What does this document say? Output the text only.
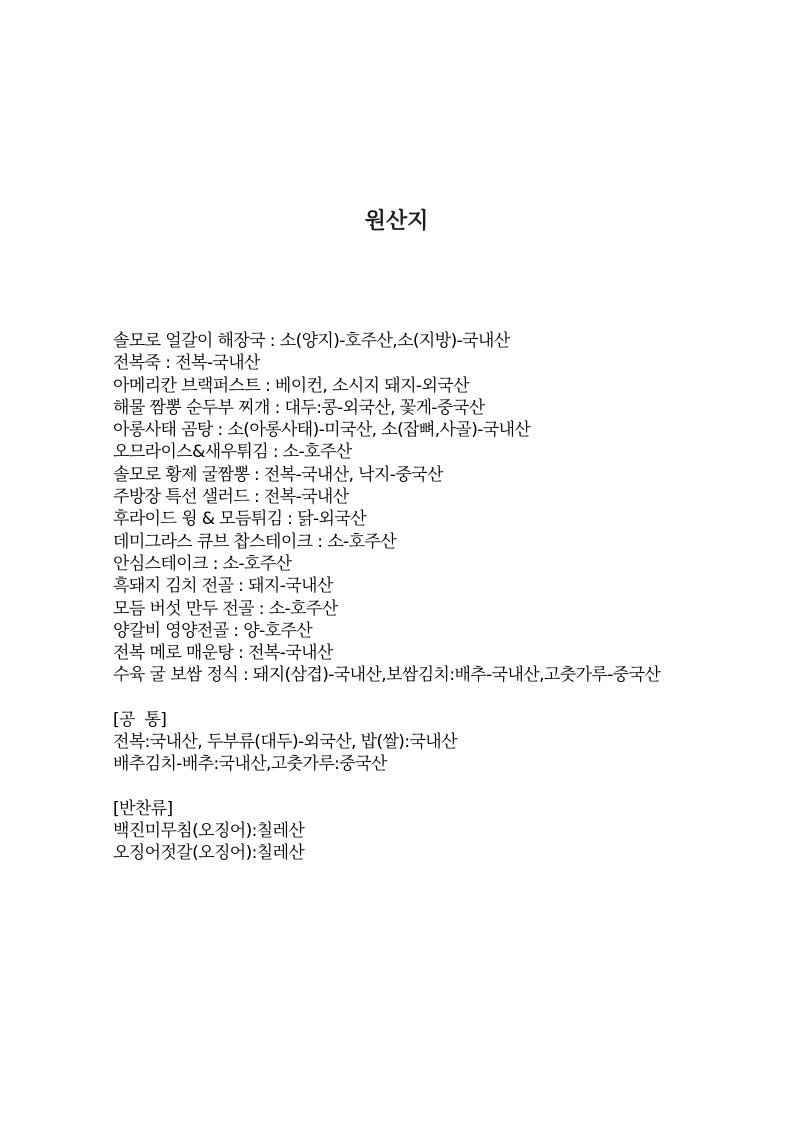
원산지
솔모로 얼갈이 해장국 : 소(양지)-호주산,소(지방)-국내산
전복죽 : 전복-국내산
아메리칸 브랙퍼스트 : 베이컨, 소시지 돼지-외국산
해물 짬뽕 순두부 찌개 : 대두:콩-외국산, 꽃게-중국산
아롱사태 곰탕 : 소(아롱사태)-미국산, 소(잡뼈,사골)-국내산
오므라이스&새우튀김 : 소-호주산
솔모로 황제 굴짬뽕 : 전복-국내산, 낙지-중국산
주방장 특선 샐러드 : 전복-국내산
후라이드 윙 & 모듬튀김 : 닭-외국산
데미그라스 큐브 찹스테이크 : 소-호주산
안심스테이크 : 소-호주산
흑돼지 김치 전골 : 돼지-국내산
모듬 버섯 만두 전골 : 소-호주산
양갈비 영양전골 : 양-호주산
전복 메로 매운탕 : 전복-국내산
수육 굴 보쌈 정식 : 돼지(삼겹)-국내산,보쌈김치:배추-국내산,고춧가루-중국산
[공  통]
전복:국내산, 두부류(대두)-외국산, 밥(쌀):국내산
배추김치-배추:국내산,고춧가루:중국산
[반찬류]
백진미무침(오징어):칠레산
오징어젓갈(오징어):칠레산
